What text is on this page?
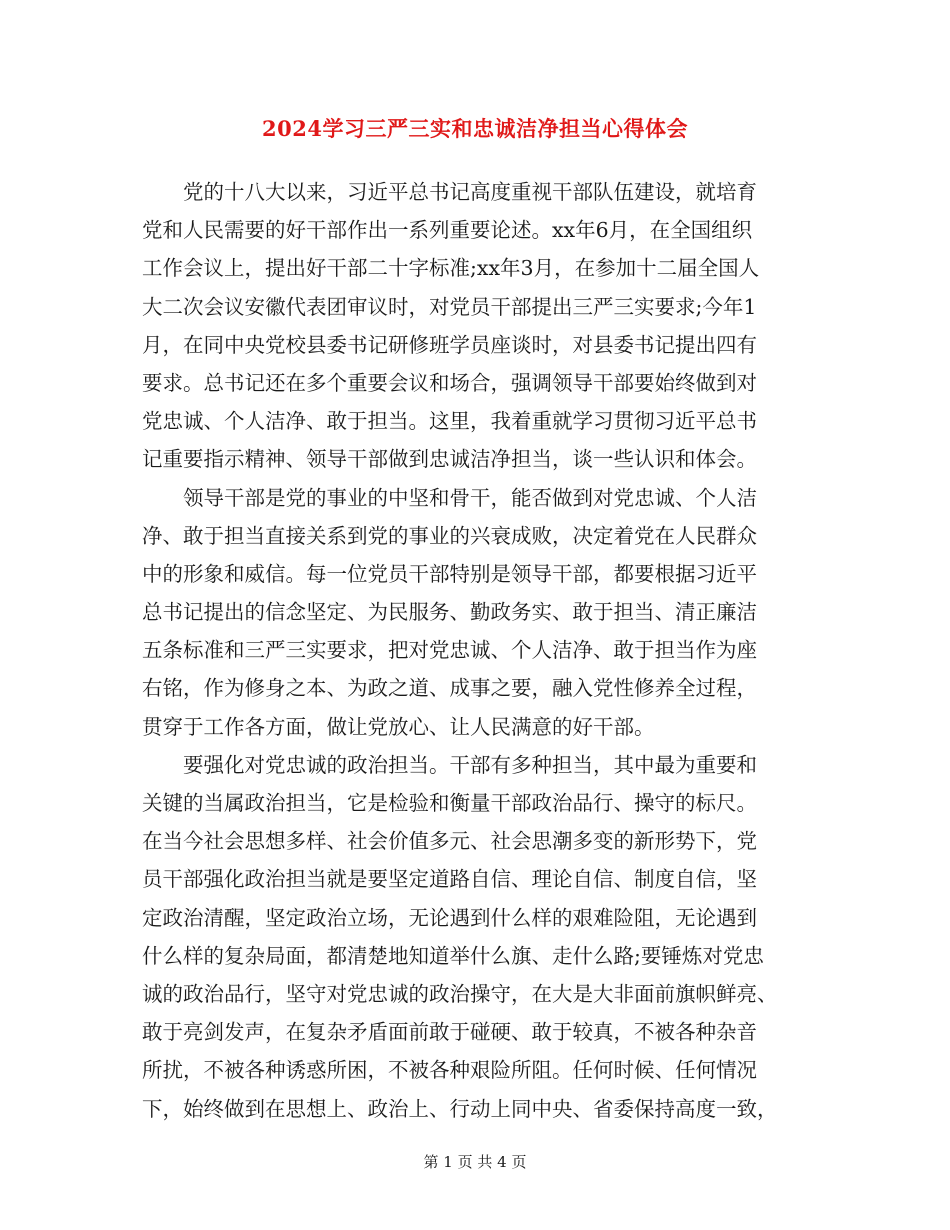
2024学习三严三实和忠诚洁净担当心得体会
党的十八大以来，习近平总书记高度重视干部队伍建设，就培育
党和人民需要的好干部作出一系列重要论述。xx年6月，在全国组织
工作会议上，提出好干部二十字标准;xx年3月，在参加十二届全国人
大二次会议安徽代表团审议时，对党员干部提出三严三实要求;今年1
月，在同中央党校县委书记研修班学员座谈时，对县委书记提出四有
要求。总书记还在多个重要会议和场合，强调领导干部要始终做到对
党忠诚、个人洁净、敢于担当。这里，我着重就学习贯彻习近平总书
记重要指示精神、领导干部做到忠诚洁净担当，谈一些认识和体会。
领导干部是党的事业的中坚和骨干，能否做到对党忠诚、个人洁
净、敢于担当直接关系到党的事业的兴衰成败，决定着党在人民群众
中的形象和威信。每一位党员干部特别是领导干部，都要根据习近平
总书记提出的信念坚定、为民服务、勤政务实、敢于担当、清正廉洁
五条标准和三严三实要求，把对党忠诚、个人洁净、敢于担当作为座
右铭，作为修身之本、为政之道、成事之要，融入党性修养全过程，
贯穿于工作各方面，做让党放心、让人民满意的好干部。
要强化对党忠诚的政治担当。干部有多种担当，其中最为重要和
关键的当属政治担当，它是检验和衡量干部政治品行、操守的标尺。
在当今社会思想多样、社会价值多元、社会思潮多变的新形势下，党
员干部强化政治担当就是要坚定道路自信、理论自信、制度自信，坚
定政治清醒，坚定政治立场，无论遇到什么样的艰难险阻，无论遇到
什么样的复杂局面，都清楚地知道举什么旗、走什么路;要锤炼对党忠
诚的政治品行，坚守对党忠诚的政治操守，在大是大非面前旗帜鲜亮、
敢于亮剑发声，在复杂矛盾面前敢于碰硬、敢于较真，不被各种杂音
所扰，不被各种诱惑所困，不被各种艰险所阻。任何时候、任何情况
下，始终做到在思想上、政治上、行动上同中央、省委保持高度一致，
第 1 页 共 4 页
